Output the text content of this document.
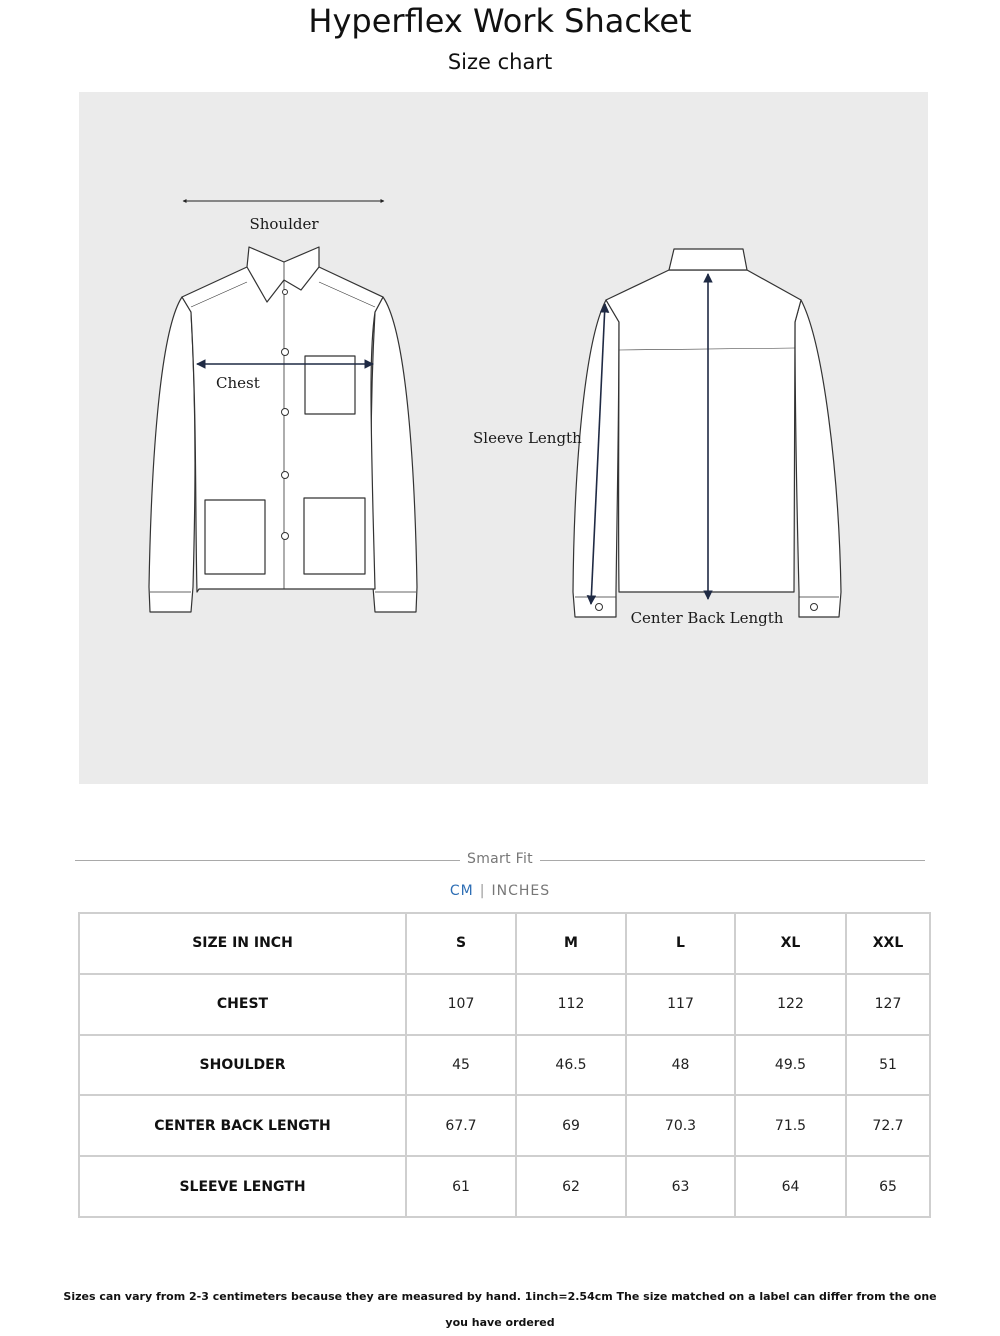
Hyperflex Work Shacket
Size chart
Shoulder
Chest
Sleeve Length
Center Back Length
Smart Fit
CM | INCHES
SIZE IN INCH	S	M	L	XL	XXL
CHEST	107	112	117	122	127
SHOULDER	45	46.5	48	49.5	51
CENTER BACK LENGTH	67.7	69	70.3	71.5	72.7
SLEEVE LENGTH	61	62	63	64	65
Sizes can vary from 2-3 centimeters because they are measured by hand. 1inch=2.54cm The size matched on a label can differ from the one you have ordered
